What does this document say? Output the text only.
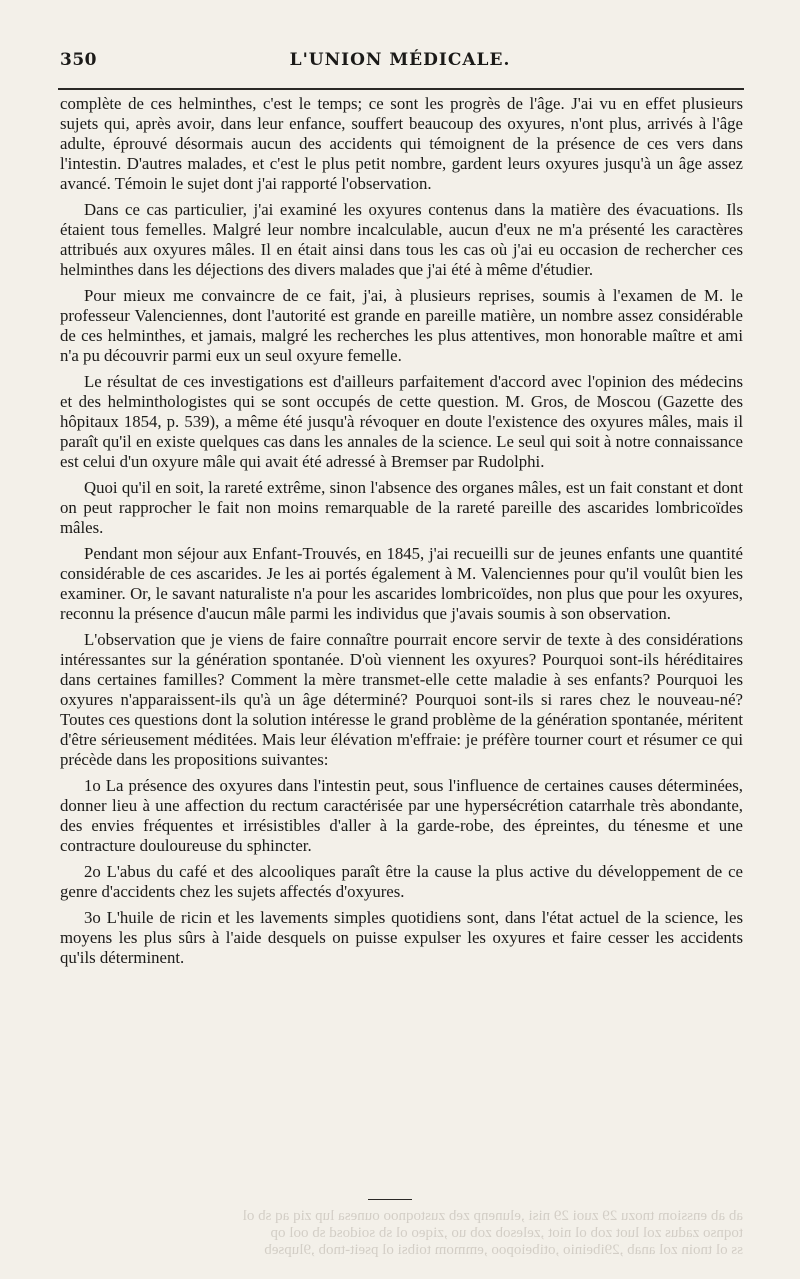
350	L'UNION MÉDICALE.

complète de ces helminthes, c'est le temps; ce sont les progrès de l'âge. J'ai vu en effet plusieurs sujets qui, après avoir, dans leur enfance, souffert beaucoup des oxyures, n'ont plus, arrivés à l'âge adulte, éprouvé désormais aucun des accidents qui témoignent de la présence de ces vers dans l'intestin. D'autres malades, et c'est le plus petit nombre, gardent leurs oxyures jusqu'à un âge assez avancé. Témoin le sujet dont j'ai rapporté l'observation.

Dans ce cas particulier, j'ai examiné les oxyures contenus dans la matière des évacuations. Ils étaient tous femelles. Malgré leur nombre incalculable, aucun d'eux ne m'a présenté les caractères attribués aux oxyures mâles. Il en était ainsi dans tous les cas où j'ai eu occasion de rechercher ces helminthes dans les déjections des divers malades que j'ai été à même d'étudier.

Pour mieux me convaincre de ce fait, j'ai, à plusieurs reprises, soumis à l'examen de M. le professeur Valenciennes, dont l'autorité est grande en pareille matière, un nombre assez considérable de ces helminthes, et jamais, malgré les recherches les plus attentives, mon honorable maître et ami n'a pu découvrir parmi eux un seul oxyure femelle.

Le résultat de ces investigations est d'ailleurs parfaitement d'accord avec l'opinion des médecins et des helminthologistes qui se sont occupés de cette question. M. Gros, de Moscou (Gazette des hôpitaux 1854, p. 539), a même été jusqu'à révoquer en doute l'existence des oxyures mâles, mais il paraît qu'il en existe quelques cas dans les annales de la science. Le seul qui soit à notre connaissance est celui d'un oxyure mâle qui avait été adressé à Bremser par Rudolphi.

Quoi qu'il en soit, la rareté extrême, sinon l'absence des organes mâles, est un fait constant et dont on peut rapprocher le fait non moins remarquable de la rareté pareille des ascarides lombricoïdes mâles.

Pendant mon séjour aux Enfant-Trouvés, en 1845, j'ai recueilli sur de jeunes enfants une quantité considérable de ces ascarides. Je les ai portés également à M. Valenciennes pour qu'il voulût bien les examiner. Or, le savant naturaliste n'a pour les ascarides lombricoïdes, non plus que pour les oxyures, reconnu la présence d'aucun mâle parmi les individus que j'avais soumis à son observation.

L'observation que je viens de faire connaître pourrait encore servir de texte à des considérations intéressantes sur la génération spontanée. D'où viennent les oxyures? Pourquoi sont-ils héréditaires dans certaines familles? Comment la mère transmet-elle cette maladie à ses enfants? Pourquoi les oxyures n'apparaissent-ils qu'à un âge déterminé? Pourquoi sont-ils si rares chez le nouveau-né? Toutes ces questions dont la solution intéresse le grand problème de la génération spontanée, méritent d'être sérieusement méditées. Mais leur élévation m'effraie: je préfère tourner court et résumer ce qui précède dans les propositions suivantes:

1o La présence des oxyures dans l'intestin peut, sous l'influence de certaines causes déterminées, donner lieu à une affection du rectum caractérisée par une hypersécrétion catarrhale très abondante, des envies fréquentes et irrésistibles d'aller à la garde-robe, des épreintes, du ténesme et une contracture douloureuse du sphincter.

2o L'abus du café et des alcooliques paraît être la cause la plus active du développement de ce genre d'accidents chez les sujets affectés d'oxyures.

3o L'huile de ricin et les lavements simples quotidiens sont, dans l'état actuel de la science, les moyens les plus sûrs à l'aide desquels on puisse expulser les oxyures et faire cesser les accidents qu'ils déterminent.

ab ab enssiom tnozu 29 zuoi 29 nisi ,elunenp zeb zustoqnoo ounesa lup ziq aq sb ol

toqnso zadus zol luot zob ol niot ,zelesob zob uo ,ziqeo ol sb soidosd sb ool op

ss ol tnoin zol anab ,29ibeinio ,otibeiopoo ,emmom toibsi ol pseit-tnob ,9lupseb
